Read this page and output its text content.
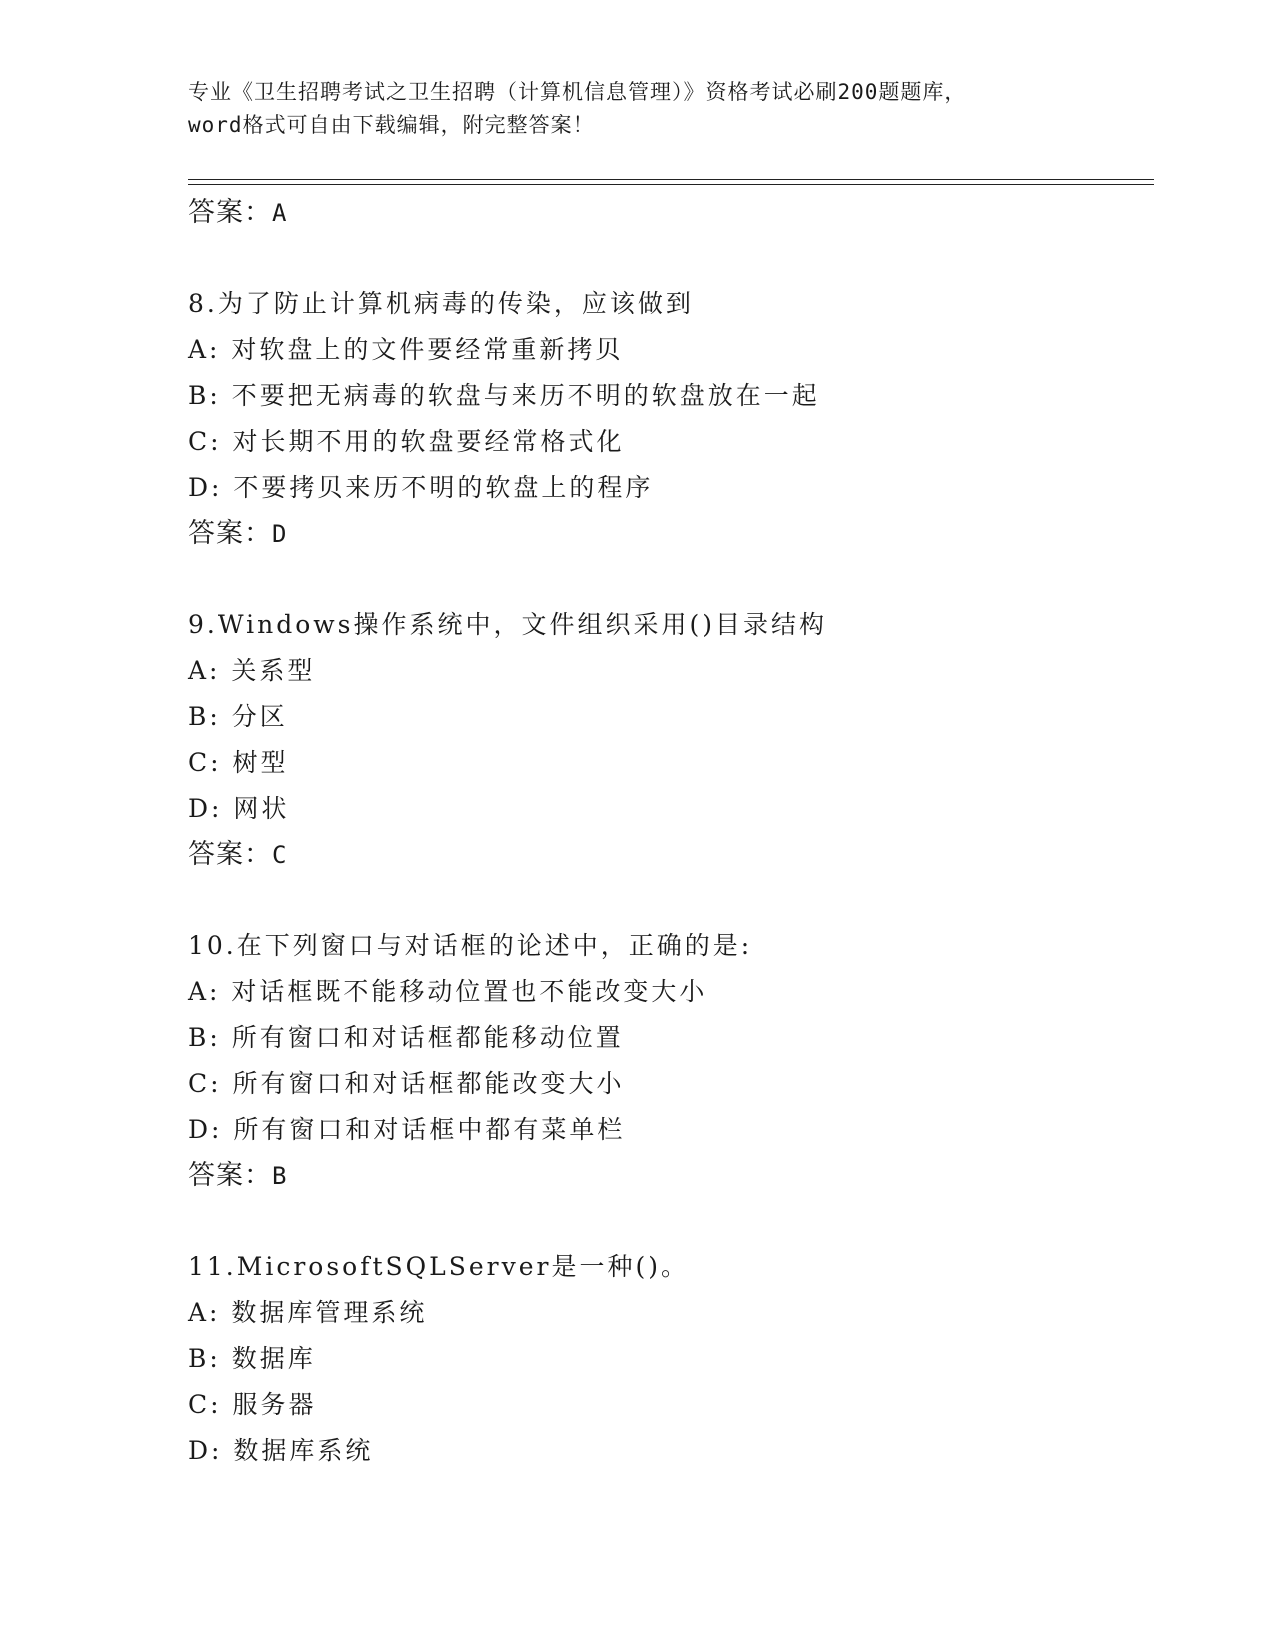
专业《卫生招聘考试之卫生招聘（计算机信息管理）》资格考试必刷200题题库，
word格式可自由下载编辑，附完整答案！
答案：A
8.为了防止计算机病毒的传染，应该做到
A: 对软盘上的文件要经常重新拷贝
B: 不要把无病毒的软盘与来历不明的软盘放在一起
C: 对长期不用的软盘要经常格式化
D: 不要拷贝来历不明的软盘上的程序
答案：D
9.Windows操作系统中，文件组织采用()目录结构
A: 关系型
B: 分区
C: 树型
D: 网状
答案：C
10.在下列窗口与对话框的论述中，正确的是:
A: 对话框既不能移动位置也不能改变大小
B: 所有窗口和对话框都能移动位置
C: 所有窗口和对话框都能改变大小
D: 所有窗口和对话框中都有菜单栏
答案：B
11.MicrosoftSQLServer是一种()。
A: 数据库管理系统
B: 数据库
C: 服务器
D: 数据库系统
